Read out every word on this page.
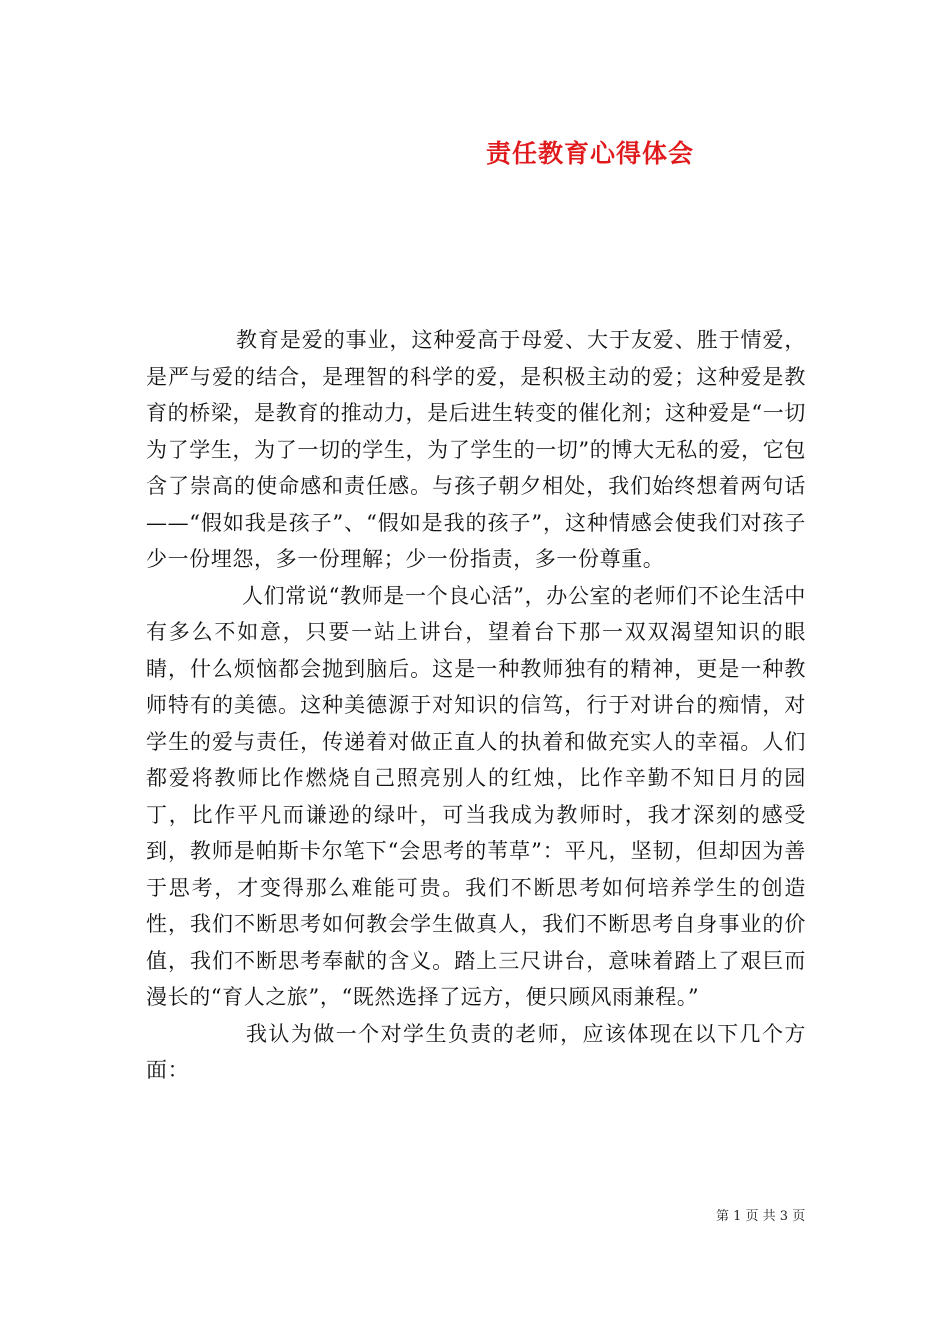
责任教育心得体会

教育是爱的事业，这种爱高于母爱、大于友爱、胜于情爱，是严与爱的结合，是理智的科学的爱，是积极主动的爱；这种爱是教育的桥梁，是教育的推动力，是后进生转变的催化剂；这种爱是“一切为了学生，为了一切的学生，为了学生的一切”的博大无私的爱，它包含了崇高的使命感和责任感。与孩子朝夕相处，我们始终想着两句话——“假如我是孩子”、“假如是我的孩子”，这种情感会使我们对孩子少一份埋怨，多一份理解；少一份指责，多一份尊重。

人们常说“教师是一个良心活”，办公室的老师们不论生活中有多么不如意，只要一站上讲台，望着台下那一双双渴望知识的眼睛，什么烦恼都会抛到脑后。这是一种教师独有的精神，更是一种教师特有的美德。这种美德源于对知识的信笃，行于对讲台的痴情，对学生的爱与责任，传递着对做正直人的执着和做充实人的幸福。人们都爱将教师比作燃烧自己照亮别人的红烛，比作辛勤不知日月的园丁，比作平凡而谦逊的绿叶，可当我成为教师时，我才深刻的感受到，教师是帕斯卡尔笔下“会思考的苇草”：平凡，坚韧，但却因为善于思考，才变得那么难能可贵。我们不断思考如何培养学生的创造性，我们不断思考如何教会学生做真人，我们不断思考自身事业的价值，我们不断思考奉献的含义。踏上三尺讲台，意味着踏上了艰巨而漫长的“育人之旅”，“既然选择了远方，便只顾风雨兼程。”

我认为做一个对学生负责的老师，应该体现在以下几个方面：

第 1 页 共 3 页
